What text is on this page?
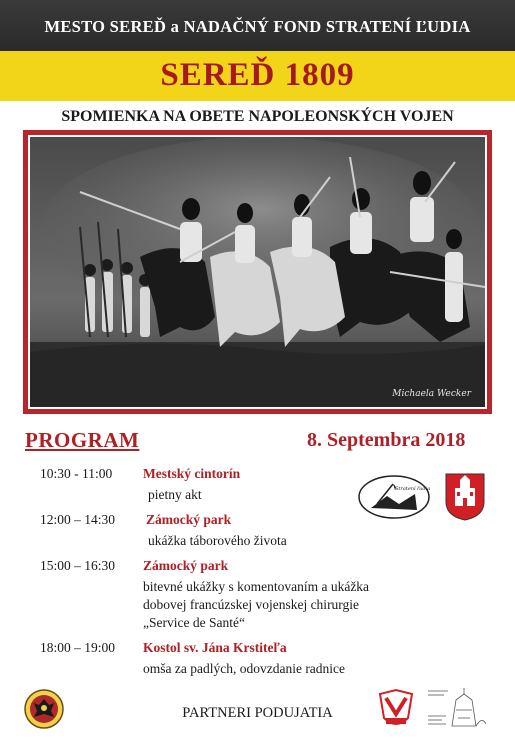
MESTO SEREĎ a NADAČNÝ FOND STRATENÍ ĽUDIA
SEREĎ 1809
SPOMIENKA NA OBETE NAPOLEONSKÝCH VOJEN
Michaela Wecker
PROGRAM	8. Septembra 2018
10:30 - 11:00	Mestský cintorín
pietny akt
12:00 – 14:30	Zámocký park
ukážka táborového života
15:00 – 16:30	Zámocký park
bitevné ukážky s komentovaním a ukážka
dobovej francúzskej vojenskej chirurgie
„Service de Santé“
18:00 – 19:00	Kostol sv. Jána Krstiteľa
omša za padlých, odovzdanie radnice
Stratení ľudia
PARTNERI PODUJATIA
